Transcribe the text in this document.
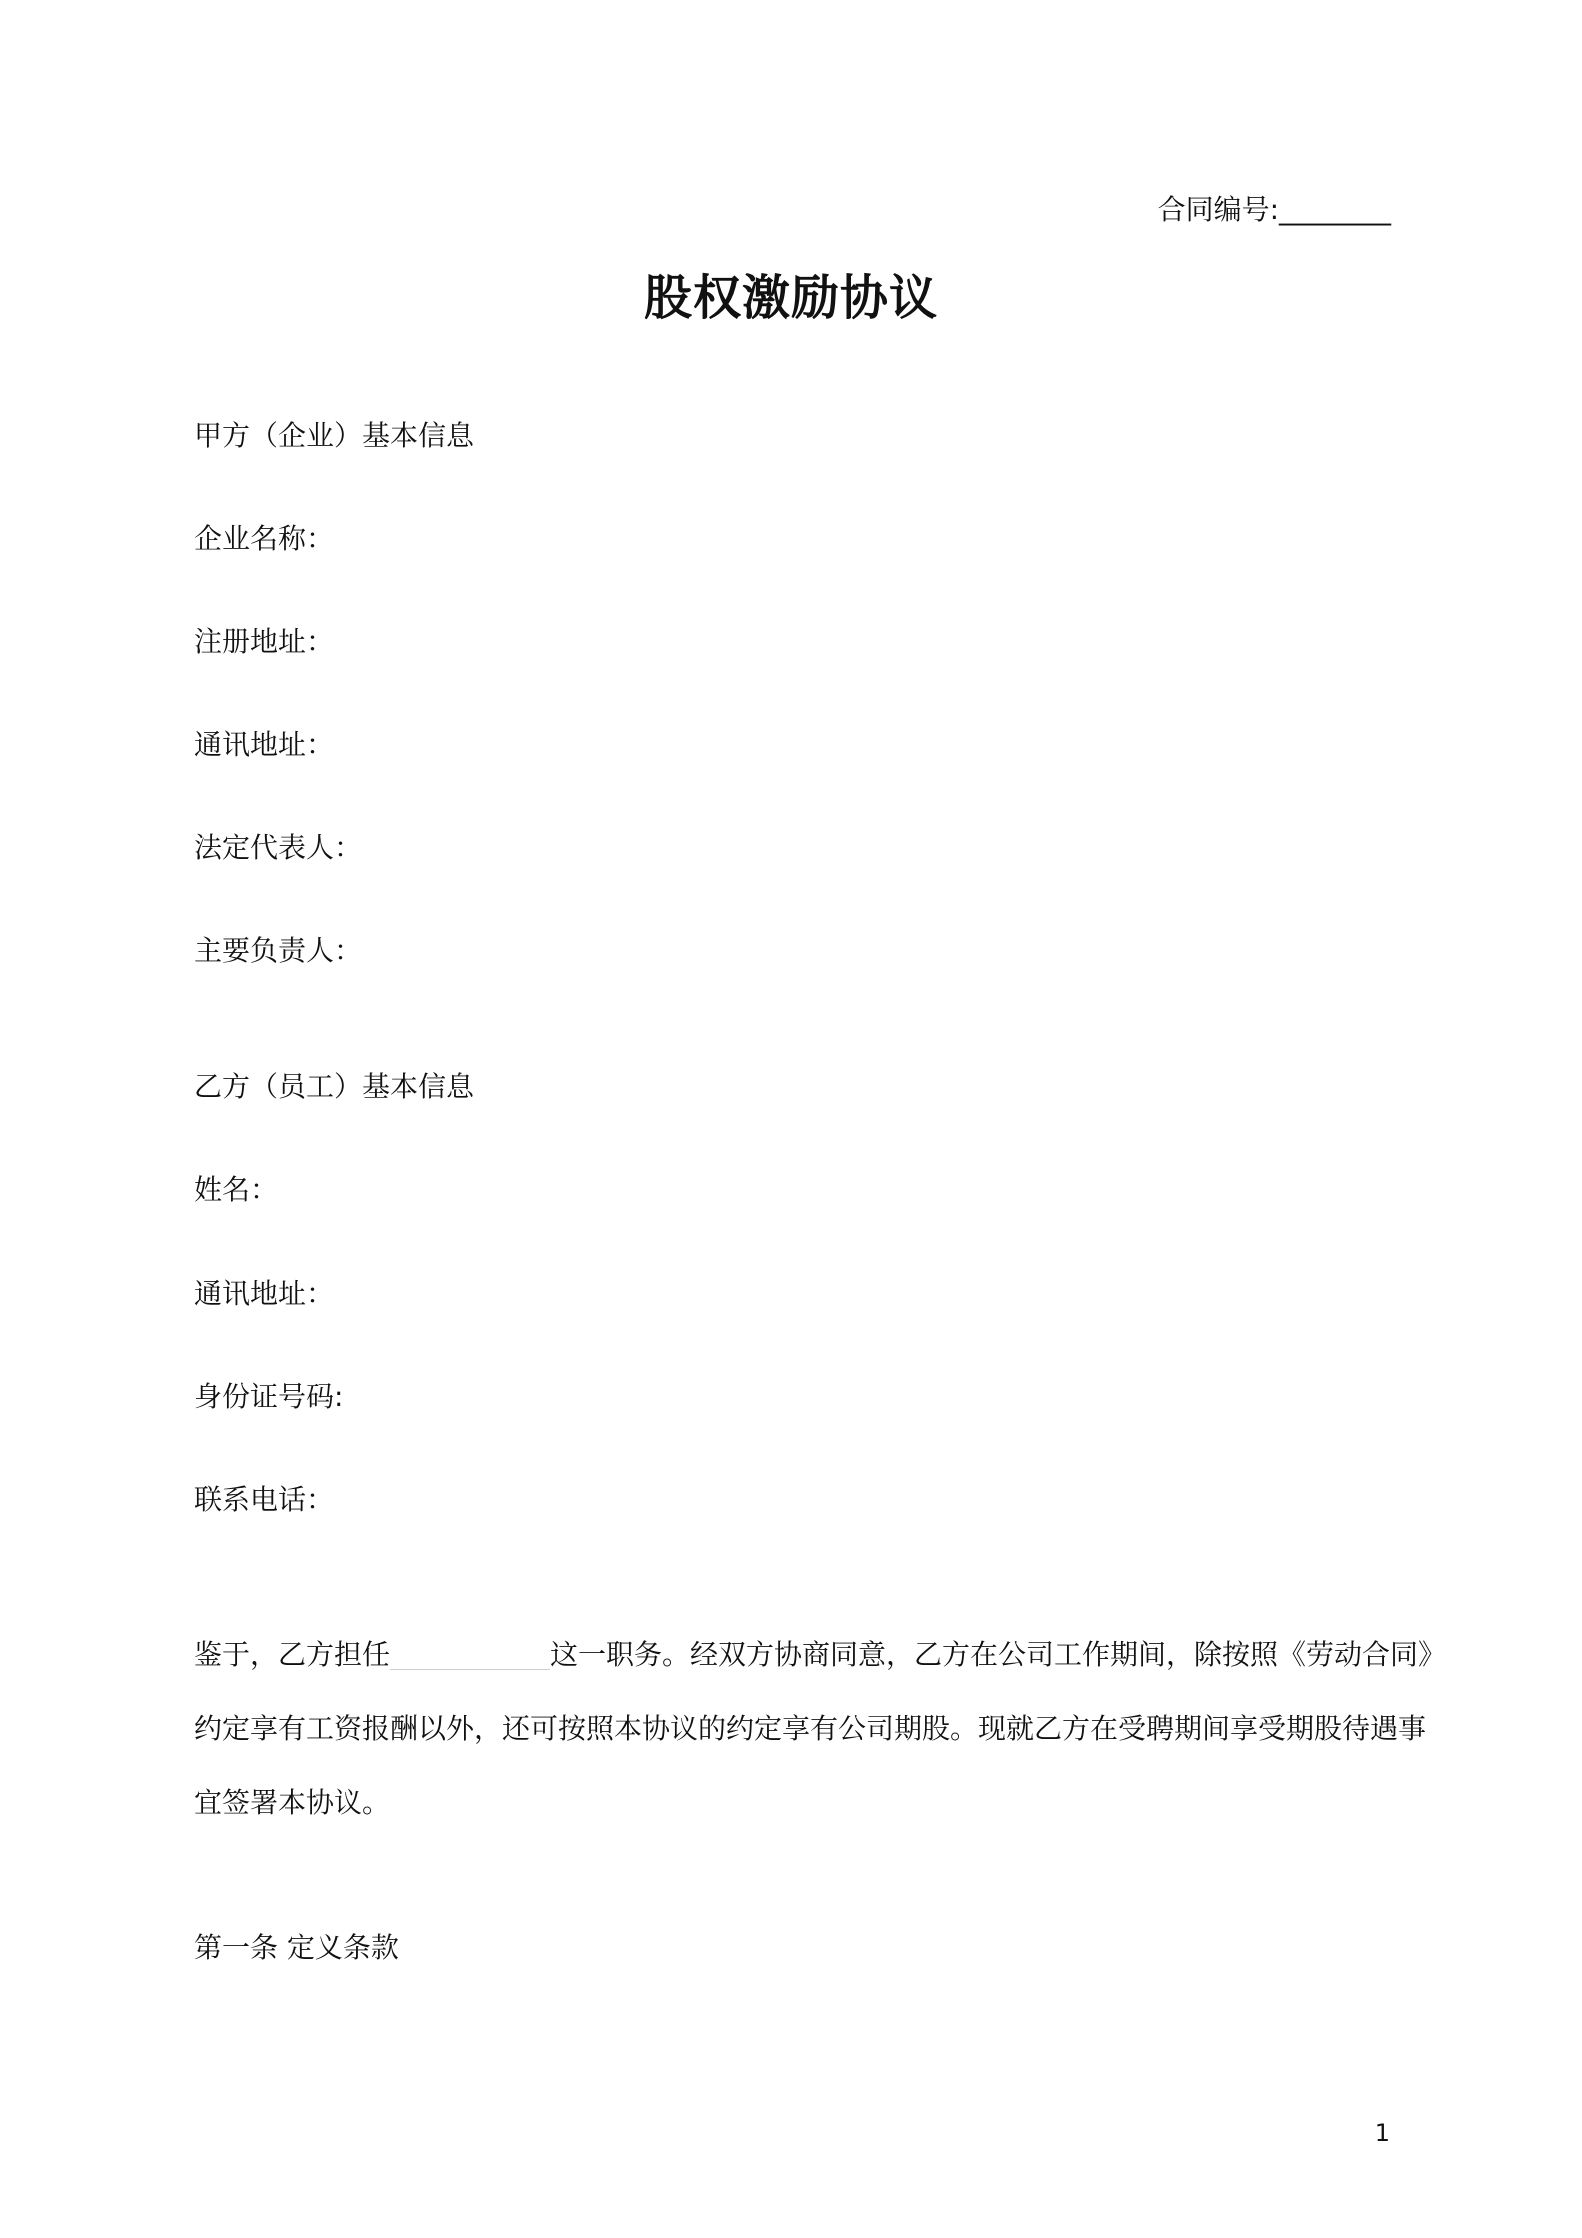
合同编号:________
股权激励协议
甲方（企业）基本信息
企业名称：
注册地址：
通讯地址：
法定代表人：
主要负责人：
乙方（员工）基本信息
姓名：
通讯地址：
身份证号码:
联系电话：
鉴于，乙方担任	这一职务。经双方协商同意，乙方在公司工作期间，除按照《劳动合同》
约定享有工资报酬以外，还可按照本协议的约定享有公司期股。现就乙方在受聘期间享受期股待遇事
宜签署本协议。
第一条 定义条款
1
